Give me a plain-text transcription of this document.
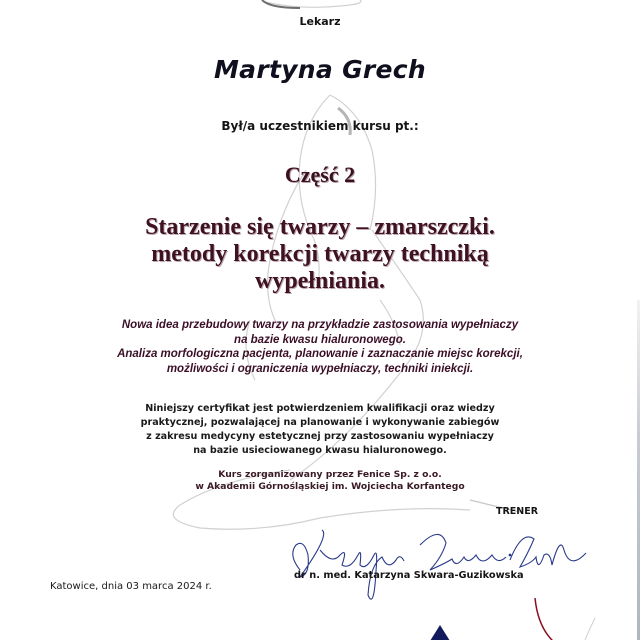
Lekarz
Martyna Grech
Był/a uczestnikiem kursu pt.:
Część 2
Starzenie się twarzy – zmarszczki.
metody korekcji twarzy techniką
wypełniania.
Nowa idea przebudowy twarzy na przykładzie zastosowania wypełniaczy
na bazie kwasu hialuronowego.
Analiza morfologiczna pacjenta, planowanie i zaznaczanie miejsc korekcji,
możliwości i ograniczenia wypełniaczy, techniki iniekcji.
Niniejszy certyfikat jest potwierdzeniem kwalifikacji oraz wiedzy
praktycznej, pozwalającej na planowanie i wykonywanie zabiegów
z zakresu medycyny estetycznej przy zastosowaniu wypełniaczy
na bazie usieciowanego kwasu hialuronowego.
Kurs zorganizowany przez Fenice Sp. z o.o.
w Akademii Górnośląskiej im. Wojciecha Korfantego
TRENER
dr n. med. Katarzyna Skwara-Guzikowska
Katowice, dnia 03 marca 2024 r.
